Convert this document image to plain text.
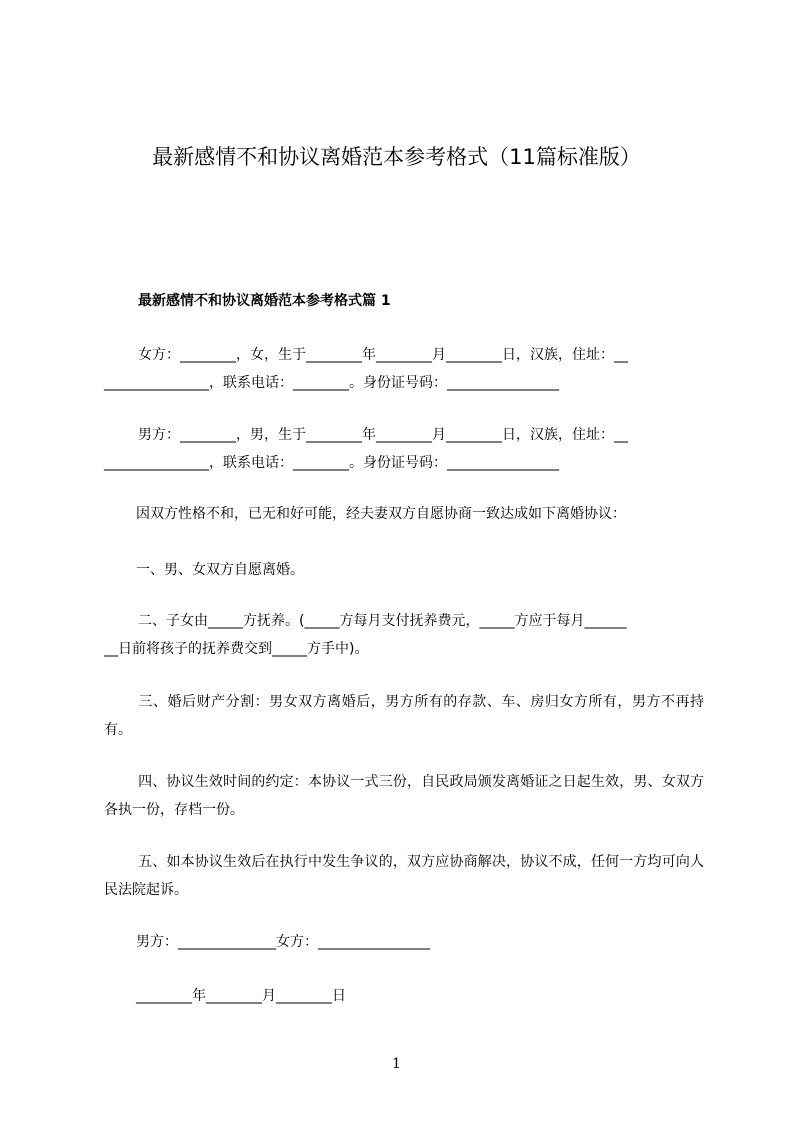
最新感情不和协议离婚范本参考格式（11篇标准版）
最新感情不和协议离婚范本参考格式篇 1
女方：________，女，生于________年________月________日，汉族，住址：__
_______________，联系电话：________。身份证号码：________________
男方：________，男，生于________年________月________日，汉族，住址：__
_______________，联系电话：________。身份证号码：________________
因双方性格不和，已无和好可能，经夫妻双方自愿协商一致达成如下离婚协议：
一、男、女双方自愿离婚。
二、子女由_____方抚养。(_____方每月支付抚养费元，_____方应于每月______
__日前将孩子的抚养费交到_____方手中)。
三、婚后财产分割：男女双方离婚后，男方所有的存款、车、房归女方所有，男方不再持有。
四、协议生效时间的约定：本协议一式三份，自民政局颁发离婚证之日起生效，男、女双方各执一份，存档一份。
五、如本协议生效后在执行中发生争议的，双方应协商解决，协议不成，任何一方均可向人民法院起诉。
男方：______________女方：________________
________年________月________日
1
